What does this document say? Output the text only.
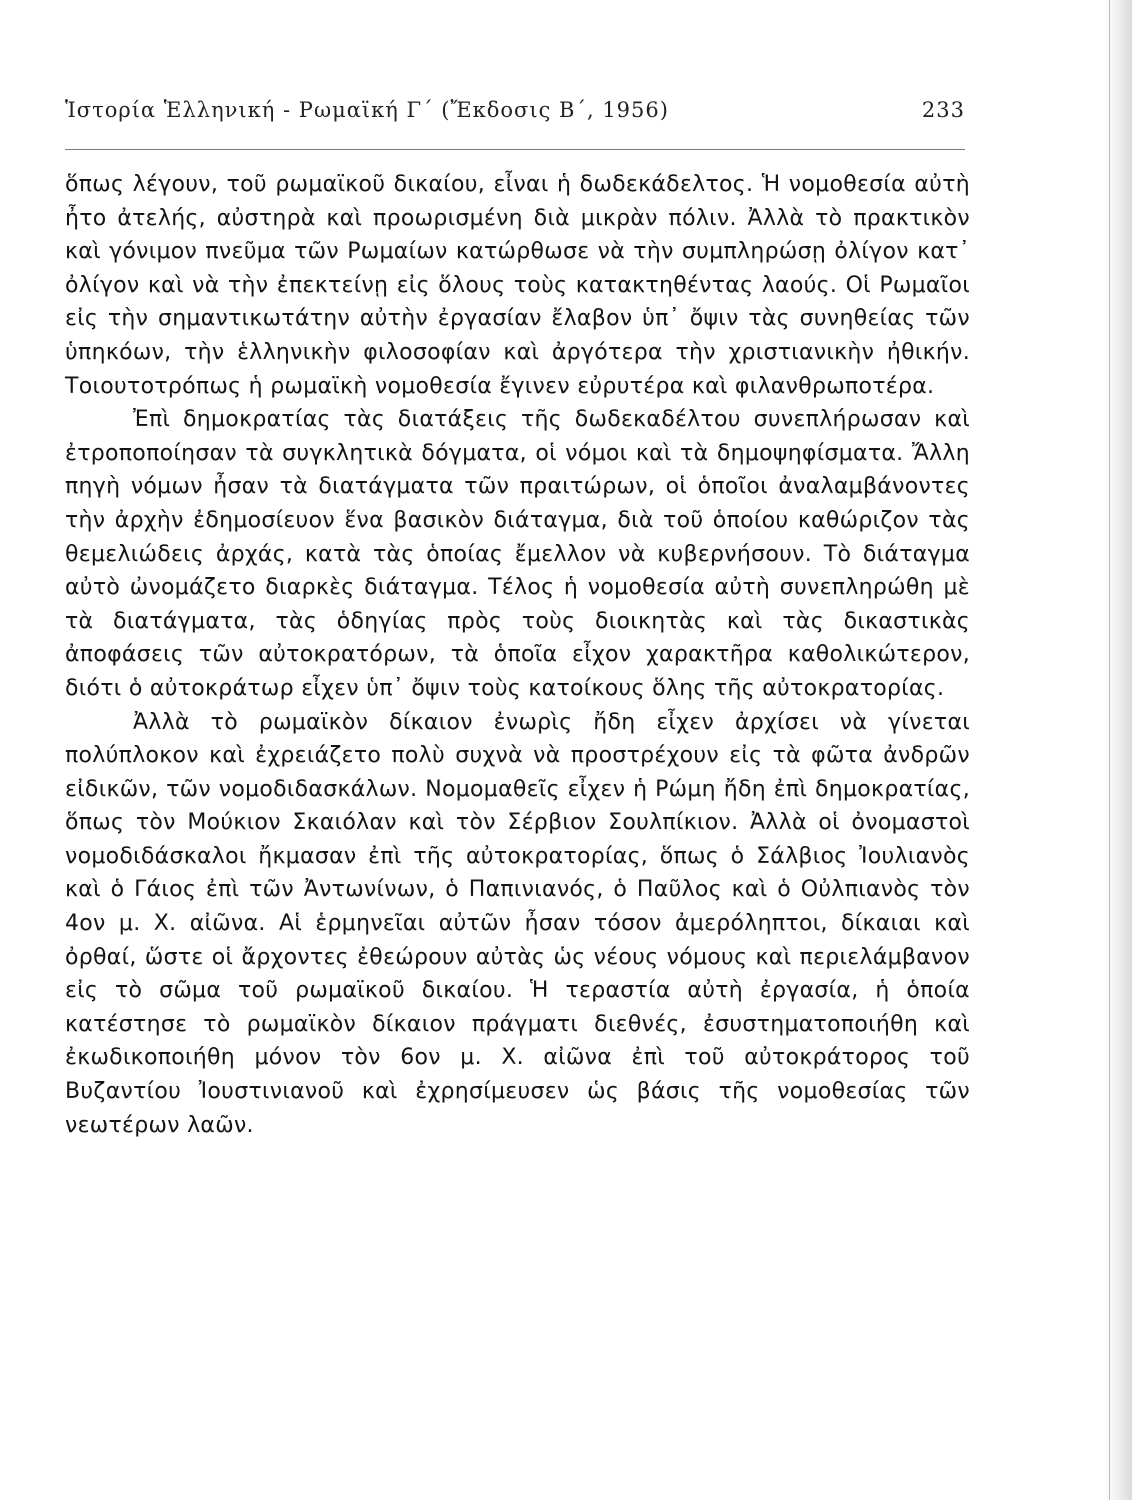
Ἱστορία Ἑλληνική - Ρωμαϊκή Γ΄ (Ἔκδοσις Β΄, 1956)	233

ὅπως λέγουν, τοῦ ρωμαϊκοῦ δικαίου, εἶναι ἡ δωδεκάδελτος. Ἡ νομοθεσία αὐτὴ ἦτο ἀτελής, αὐστηρὰ καὶ προωρισμένη διὰ μικρὰν πόλιν. Ἀλλὰ τὸ πρακτικὸν καὶ γόνιμον πνεῦμα τῶν Ρωμαίων κατώρθωσε νὰ τὴν συμπληρώσῃ ὀλίγον κατ᾽ ὀλίγον καὶ νὰ τὴν ἐπεκτείνῃ εἰς ὅλους τοὺς κατακτηθέντας λαούς. Οἱ Ρωμαῖοι εἰς τὴν σημαντικωτάτην αὐτὴν ἐργασίαν ἔλαβον ὑπ᾽ ὄψιν τὰς συνηθείας τῶν ὑπηκόων, τὴν ἑλληνικὴν φιλοσοφίαν καὶ ἀργότερα τὴν χριστιανικὴν ἠθικήν. Τοιουτοτρόπως ἡ ρωμαϊκὴ νομοθεσία ἔγινεν εὐρυτέρα καὶ φιλανθρωποτέρα.

Ἐπὶ δημοκρατίας τὰς διατάξεις τῆς δωδεκαδέλτου συνεπλήρωσαν καὶ ἐτροποποίησαν τὰ συγκλητικὰ δόγματα, οἱ νόμοι καὶ τὰ δημοψηφίσματα. Ἄλλη πηγὴ νόμων ἦσαν τὰ διατάγματα τῶν πραιτώρων, οἱ ὁποῖοι ἀναλαμβάνοντες τὴν ἀρχὴν ἐδημοσίευον ἕνα βασικὸν διάταγμα, διὰ τοῦ ὁποίου καθώριζον τὰς θεμελιώδεις ἀρχάς, κατὰ τὰς ὁποίας ἔμελλον νὰ κυβερνήσουν. Τὸ διάταγμα αὐτὸ ὠνομάζετο διαρκὲς διάταγμα. Τέλος ἡ νομοθεσία αὐτὴ συνεπληρώθη μὲ τὰ διατάγματα, τὰς ὁδηγίας πρὸς τοὺς διοικητὰς καὶ τὰς δικαστικὰς ἀποφάσεις τῶν αὐτοκρατόρων, τὰ ὁποῖα εἶχον χαρακτῆρα καθολικώτερον, διότι ὁ αὐτοκράτωρ εἶχεν ὑπ᾽ ὄψιν τοὺς κατοίκους ὅλης τῆς αὐτοκρατορίας.

Ἀλλὰ τὸ ρωμαϊκὸν δίκαιον ἐνωρὶς ἤδη εἶχεν ἀρχίσει νὰ γίνεται πολύπλοκον καὶ ἐχρειάζετο πολὺ συχνὰ νὰ προστρέχουν εἰς τὰ φῶτα ἀνδρῶν εἰδικῶν, τῶν νομοδιδασκάλων. Νομομαθεῖς εἶχεν ἡ Ρώμη ἤδη ἐπὶ δημοκρατίας, ὅπως τὸν Μούκιον Σκαιόλαν καὶ τὸν Σέρβιον Σουλπίκιον. Ἀλλὰ οἱ ὀνομαστοὶ νομοδιδάσκαλοι ἤκμασαν ἐπὶ τῆς αὐτοκρατορίας, ὅπως ὁ Σάλβιος Ἰουλιανὸς καὶ ὁ Γάιος ἐπὶ τῶν Ἀντωνίνων, ὁ Παπινιανός, ὁ Παῦλος καὶ ὁ Οὐλπιανὸς τὸν 4ον μ. Χ. αἰῶνα. Αἱ ἑρμηνεῖαι αὐτῶν ἦσαν τόσον ἀμερόληπτοι, δίκαιαι καὶ ὀρθαί, ὥστε οἱ ἄρχοντες ἐθεώρουν αὐτὰς ὡς νέους νόμους καὶ περιελάμβανον εἰς τὸ σῶμα τοῦ ρωμαϊκοῦ δικαίου. Ἡ τεραστία αὐτὴ ἐργασία, ἡ ὁποία κατέστησε τὸ ρωμαϊκὸν δίκαιον πράγματι διεθνές, ἐσυστηματοποιήθη καὶ ἐκωδικοποιήθη μόνον τὸν 6ον μ. Χ. αἰῶνα ἐπὶ τοῦ αὐτοκράτορος τοῦ Βυζαντίου Ἰουστινιανοῦ καὶ ἐχρησίμευσεν ὡς βάσις τῆς νομοθεσίας τῶν νεωτέρων λαῶν.
